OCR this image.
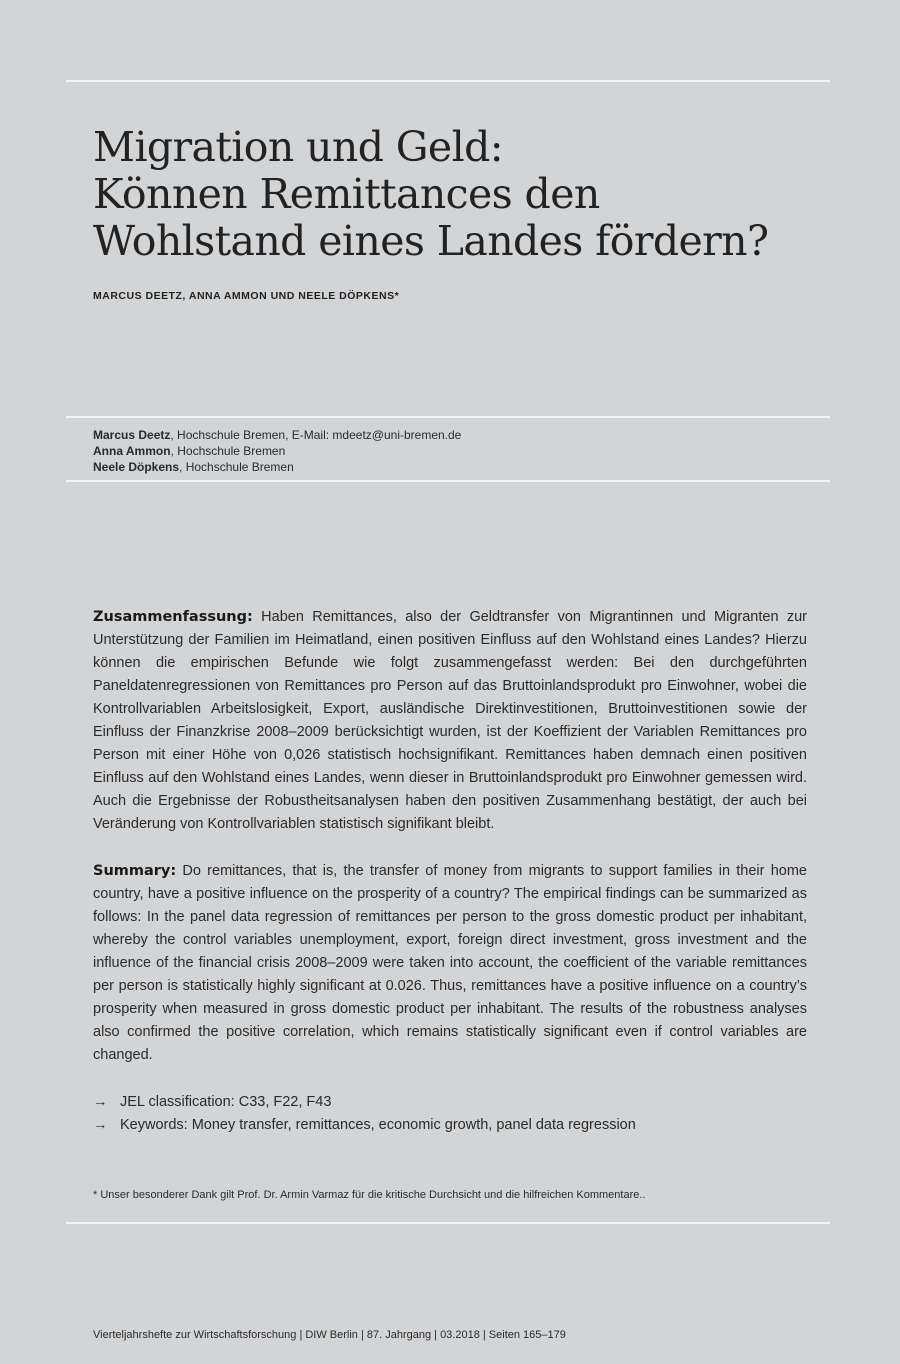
Migration und Geld:
Können Remittances den
Wohlstand eines Landes fördern?

MARCUS DEETZ, ANNA AMMON UND NEELE DÖPKENS*

Marcus Deetz, Hochschule Bremen, E-Mail: mdeetz@uni-bremen.de
Anna Ammon, Hochschule Bremen
Neele Döpkens, Hochschule Bremen

Zusammenfassung: Haben Remittances, also der Geldtransfer von Migrantinnen und Migranten zur Unterstützung der Familien im Heimatland, einen positiven Einfluss auf den Wohlstand eines Landes? Hierzu können die empirischen Befunde wie folgt zusammengefasst werden: Bei den durchgeführten Paneldatenregressionen von Remittances pro Person auf das Bruttoinlandsprodukt pro Einwohner, wobei die Kontrollvariablen Arbeitslosigkeit, Export, ausländische Direktinvestitionen, Bruttoinvestitionen sowie der Einfluss der Finanzkrise 2008–2009 berücksichtigt wurden, ist der Koeffizient der Variablen Remittances pro Person mit einer Höhe von 0,026 statistisch hochsignifikant. Remittances haben demnach einen positiven Einfluss auf den Wohlstand eines Landes, wenn dieser in Bruttoinlandsprodukt pro Einwohner gemessen wird. Auch die Ergebnisse der Robustheitsanalysen haben den positiven Zusammenhang bestätigt, der auch bei Veränderung von Kontrollvariablen statistisch signifikant bleibt.

Summary: Do remittances, that is, the transfer of money from migrants to support families in their home country, have a positive influence on the prosperity of a country? The empirical findings can be summarized as follows: In the panel data regression of remittances per person to the gross domestic product per inhabitant, whereby the control variables unemployment, export, foreign direct investment, gross investment and the influence of the financial crisis 2008–2009 were taken into account, the coefficient of the variable remittances per person is statistically highly significant at 0.026. Thus, remittances have a positive influence on a country’s prosperity when measured in gross domestic product per inhabitant. The results of the robustness analyses also confirmed the positive correlation, which remains statistically significant even if control variables are changed.

→ JEL classification: C33, F22, F43
→ Keywords: Money transfer, remittances, economic growth, panel data regression
* Unser besonderer Dank gilt Prof. Dr. Armin Varmaz für die kritische Durchsicht und die hilfreichen Kommentare..
Vierteljahrshefte zur Wirtschaftsforschung | DIW Berlin | 87. Jahrgang | 03.2018 | Seiten 165–179
